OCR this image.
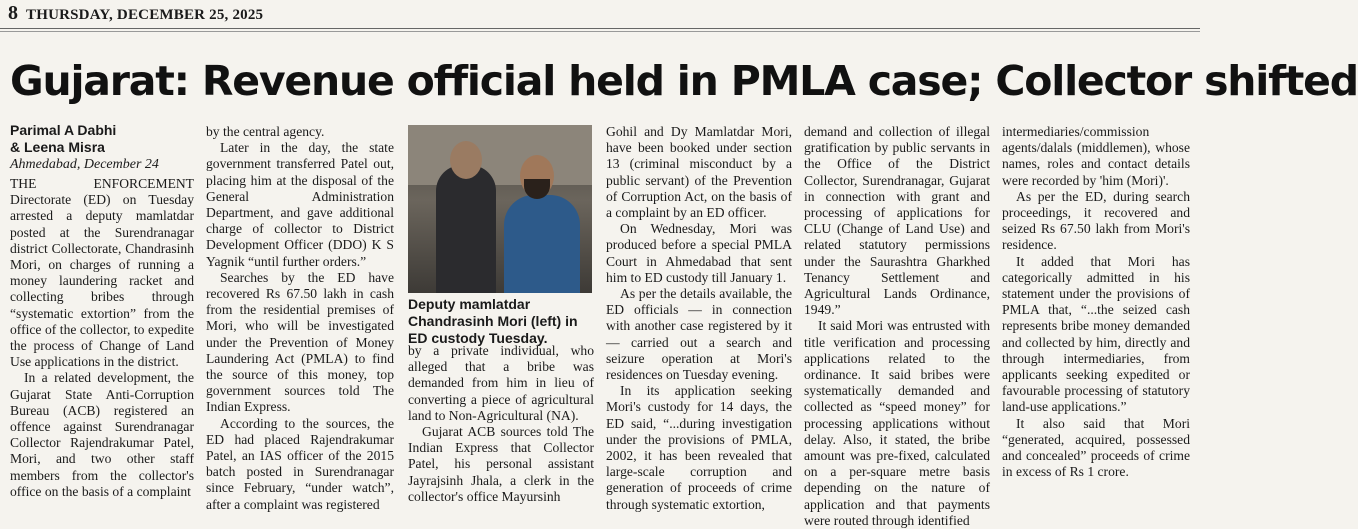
8 THURSDAY, DECEMBER 25, 2025
Gujarat: Revenue official held in PMLA case; Collector shifted
Parimal A Dabhi
& Leena Misra
Ahmedabad, December 24

THE ENFORCEMENT Directorate (ED) on Tuesday arrested a deputy mamlatdar posted at the Surendranagar district Collectorate, Chandrasinh Mori, on charges of running a money laundering racket and collecting bribes through “systematic extortion” from the office of the collector, to expedite the process of Change of Land Use applications in the district.

In a related development, the Gujarat State Anti-Corruption Bureau (ACB) registered an offence against Surendranagar Collector Rajendrakumar Patel, Mori, and two other staff members from the collector's office on the basis of a complaint

by the central agency.

Later in the day, the state government transferred Patel out, placing him at the disposal of the General Administration Department, and gave additional charge of collector to District Development Officer (DDO) K S Yagnik “until further orders.”

Searches by the ED have recovered Rs 67.50 lakh in cash from the residential premises of Mori, who will be investigated under the Prevention of Money Laundering Act (PMLA) to find the source of this money, top government sources told The Indian Express.

According to the sources, the ED had placed Rajendrakumar Patel, an IAS officer of the 2015 batch posted in Surendranagar since February, “under watch”, after a complaint was registered

Deputy mamlatdar Chandrasinh Mori (left) in ED custody Tuesday.

by a private individual, who alleged that a bribe was demanded from him in lieu of converting a piece of agricultural land to Non-Agricultural (NA).

Gujarat ACB sources told The Indian Express that Collector Patel, his personal assistant Jayrajsinh Jhala, a clerk in the collector's office Mayursinh

Gohil and Dy Mamlatdar Mori, have been booked under section 13 (criminal misconduct by a public servant) of the Prevention of Corruption Act, on the basis of a complaint by an ED officer.

On Wednesday, Mori was produced before a special PMLA Court in Ahmedabad that sent him to ED custody till January 1.

As per the details available, the ED officials — in connection with another case registered by it — carried out a search and seizure operation at Mori's residences on Tuesday evening.

In its application seeking Mori's custody for 14 days, the ED said, “...during investigation under the provisions of PMLA, 2002, it has been revealed that large-scale corruption and generation of proceeds of crime through systematic extortion,

demand and collection of illegal gratification by public servants in the Office of the District Collector, Surendranagar, Gujarat in connection with grant and processing of applications for CLU (Change of Land Use) and related statutory permissions under the Saurashtra Gharkhed Tenancy Settlement and Agricultural Lands Ordinance, 1949.”

It said Mori was entrusted with title verification and processing applications related to the ordinance. It said bribes were systematically demanded and collected as “speed money” for processing applications without delay. Also, it stated, the bribe amount was pre-fixed, calculated on a per-square metre basis depending on the nature of application and that payments were routed through identified

intermediaries/commission agents/dalals (middlemen), whose names, roles and contact details were recorded by 'him (Mori)'.

As per the ED, during search proceedings, it recovered and seized Rs 67.50 lakh from Mori's residence.

It added that Mori has categorically admitted in his statement under the provisions of PMLA that, “...the seized cash represents bribe money demanded and collected by him, directly and through intermediaries, from applicants seeking expedited or favourable processing of statutory land-use applications.”

It also said that Mori “generated, acquired, possessed and concealed” proceeds of crime in excess of Rs 1 crore.
